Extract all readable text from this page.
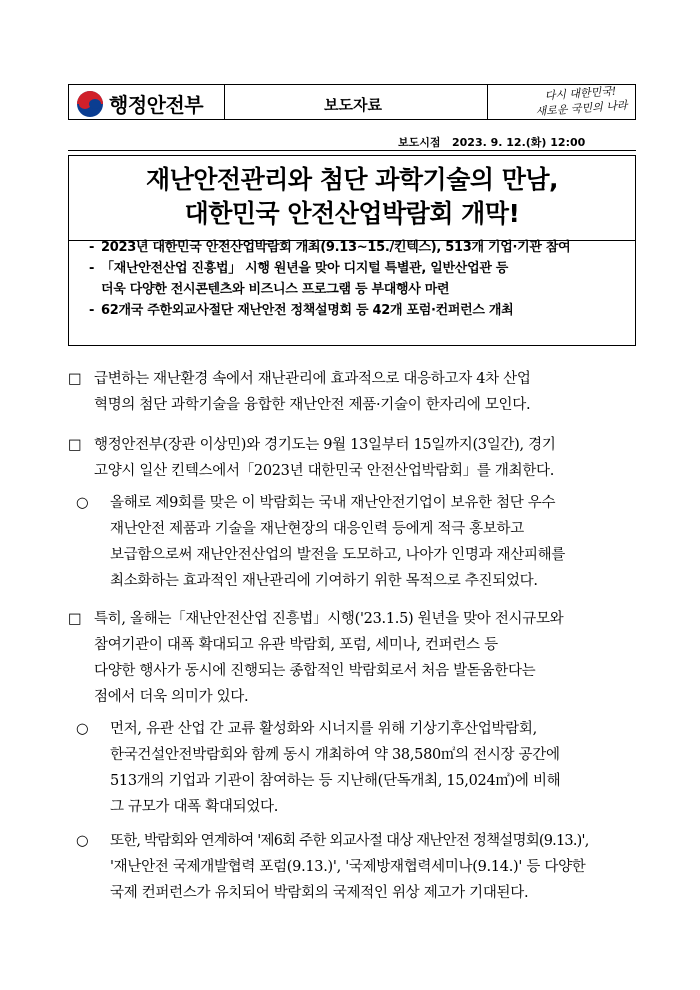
행정안전부	보도자료
다시 대한민국!
새로운 국민의 나라
보도시점   2023. 9. 12.(화) 12:00
재난안전관리와 첨단 과학기술의 만남,
대한민국 안전산업박람회 개막!
- 2023년 대한민국 안전산업박람회 개최(9.13~15./킨텍스), 513개 기업·기관 참여
- 「재난안전산업 진흥법」 시행 원년을 맞아 디지털 특별관, 일반산업관 등
더욱 다양한 전시콘텐츠와 비즈니스 프로그램 등 부대행사 마련
- 62개국 주한외교사절단 재난안전 정책설명회 등 42개 포럼·컨퍼런스 개최
□ 급변하는 재난환경 속에서 재난관리에 효과적으로 대응하고자 4차 산업
혁명의 첨단 과학기술을 융합한 재난안전 제품·기술이 한자리에 모인다.
□ 행정안전부(장관 이상민)와 경기도는 9월 13일부터 15일까지(3일간), 경기
고양시 일산 킨텍스에서「2023년 대한민국 안전산업박람회」를 개최한다.
○ 올해로 제9회를 맞은 이 박람회는 국내 재난안전기업이 보유한 첨단 우수
재난안전 제품과 기술을 재난현장의 대응인력 등에게 적극 홍보하고
보급함으로써 재난안전산업의 발전을 도모하고, 나아가 인명과 재산피해를
최소화하는 효과적인 재난관리에 기여하기 위한 목적으로 추진되었다.
□ 특히, 올해는「재난안전산업 진흥법」시행('23.1.5) 원년을 맞아 전시규모와
참여기관이 대폭 확대되고 유관 박람회, 포럼, 세미나, 컨퍼런스 등
다양한 행사가 동시에 진행되는 종합적인 박람회로서 처음 발돋움한다는
점에서 더욱 의미가 있다.
○ 먼저, 유관 산업 간 교류 활성화와 시너지를 위해 기상기후산업박람회,
한국건설안전박람회와 함께 동시 개최하여 약 38,580㎡의 전시장 공간에
513개의 기업과 기관이 참여하는 등 지난해(단독개최, 15,024㎡)에 비해
그 규모가 대폭 확대되었다.
○ 또한, 박람회와 연계하여 '제6회 주한 외교사절 대상 재난안전 정책설명회(9.13.)',
'재난안전 국제개발협력 포럼(9.13.)', '국제방재협력세미나(9.14.)' 등 다양한
국제 컨퍼런스가 유치되어 박람회의 국제적인 위상 제고가 기대된다.
